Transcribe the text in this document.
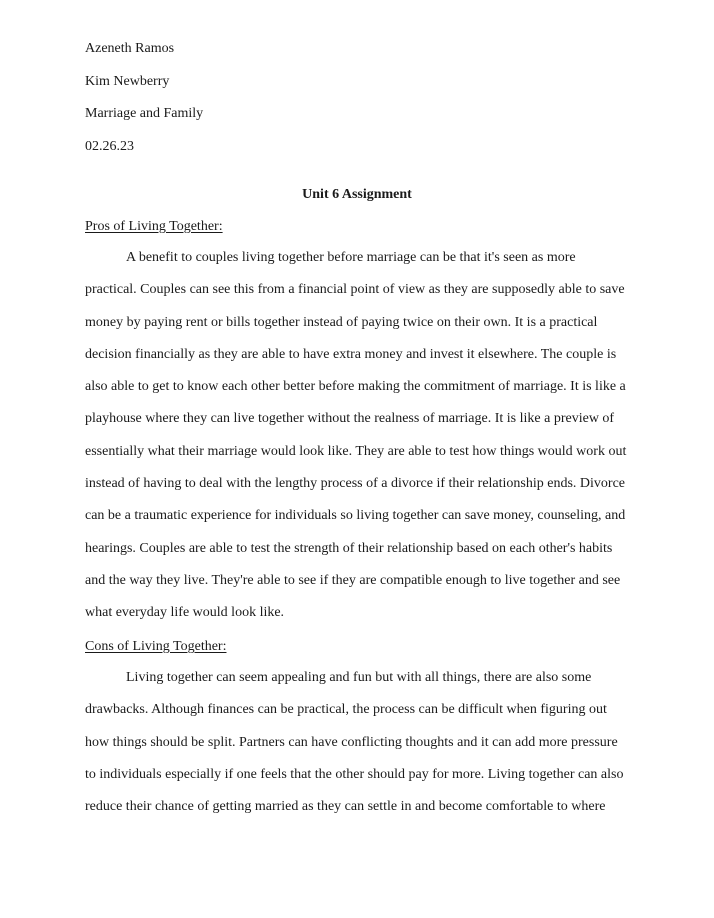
Azeneth Ramos
Kim Newberry
Marriage and Family
02.26.23
Unit 6 Assignment
Pros of Living Together:
A benefit to couples living together before marriage can be that it's seen as more
practical. Couples can see this from a financial point of view as they are supposedly able to save
money by paying rent or bills together instead of paying twice on their own. It is a practical
decision financially as they are able to have extra money and invest it elsewhere. The couple is
also able to get to know each other better before making the commitment of marriage. It is like a
playhouse where they can live together without the realness of marriage. It is like a preview of
essentially what their marriage would look like. They are able to test how things would work out
instead of having to deal with the lengthy process of a divorce if their relationship ends. Divorce
can be a traumatic experience for individuals so living together can save money, counseling, and
hearings. Couples are able to test the strength of their relationship based on each other's habits
and the way they live. They're able to see if they are compatible enough to live together and see
what everyday life would look like.
Cons of Living Together:
Living together can seem appealing and fun but with all things, there are also some
drawbacks. Although finances can be practical, the process can be difficult when figuring out
how things should be split. Partners can have conflicting thoughts and it can add more pressure
to individuals especially if one feels that the other should pay for more. Living together can also
reduce their chance of getting married as they can settle in and become comfortable to where
